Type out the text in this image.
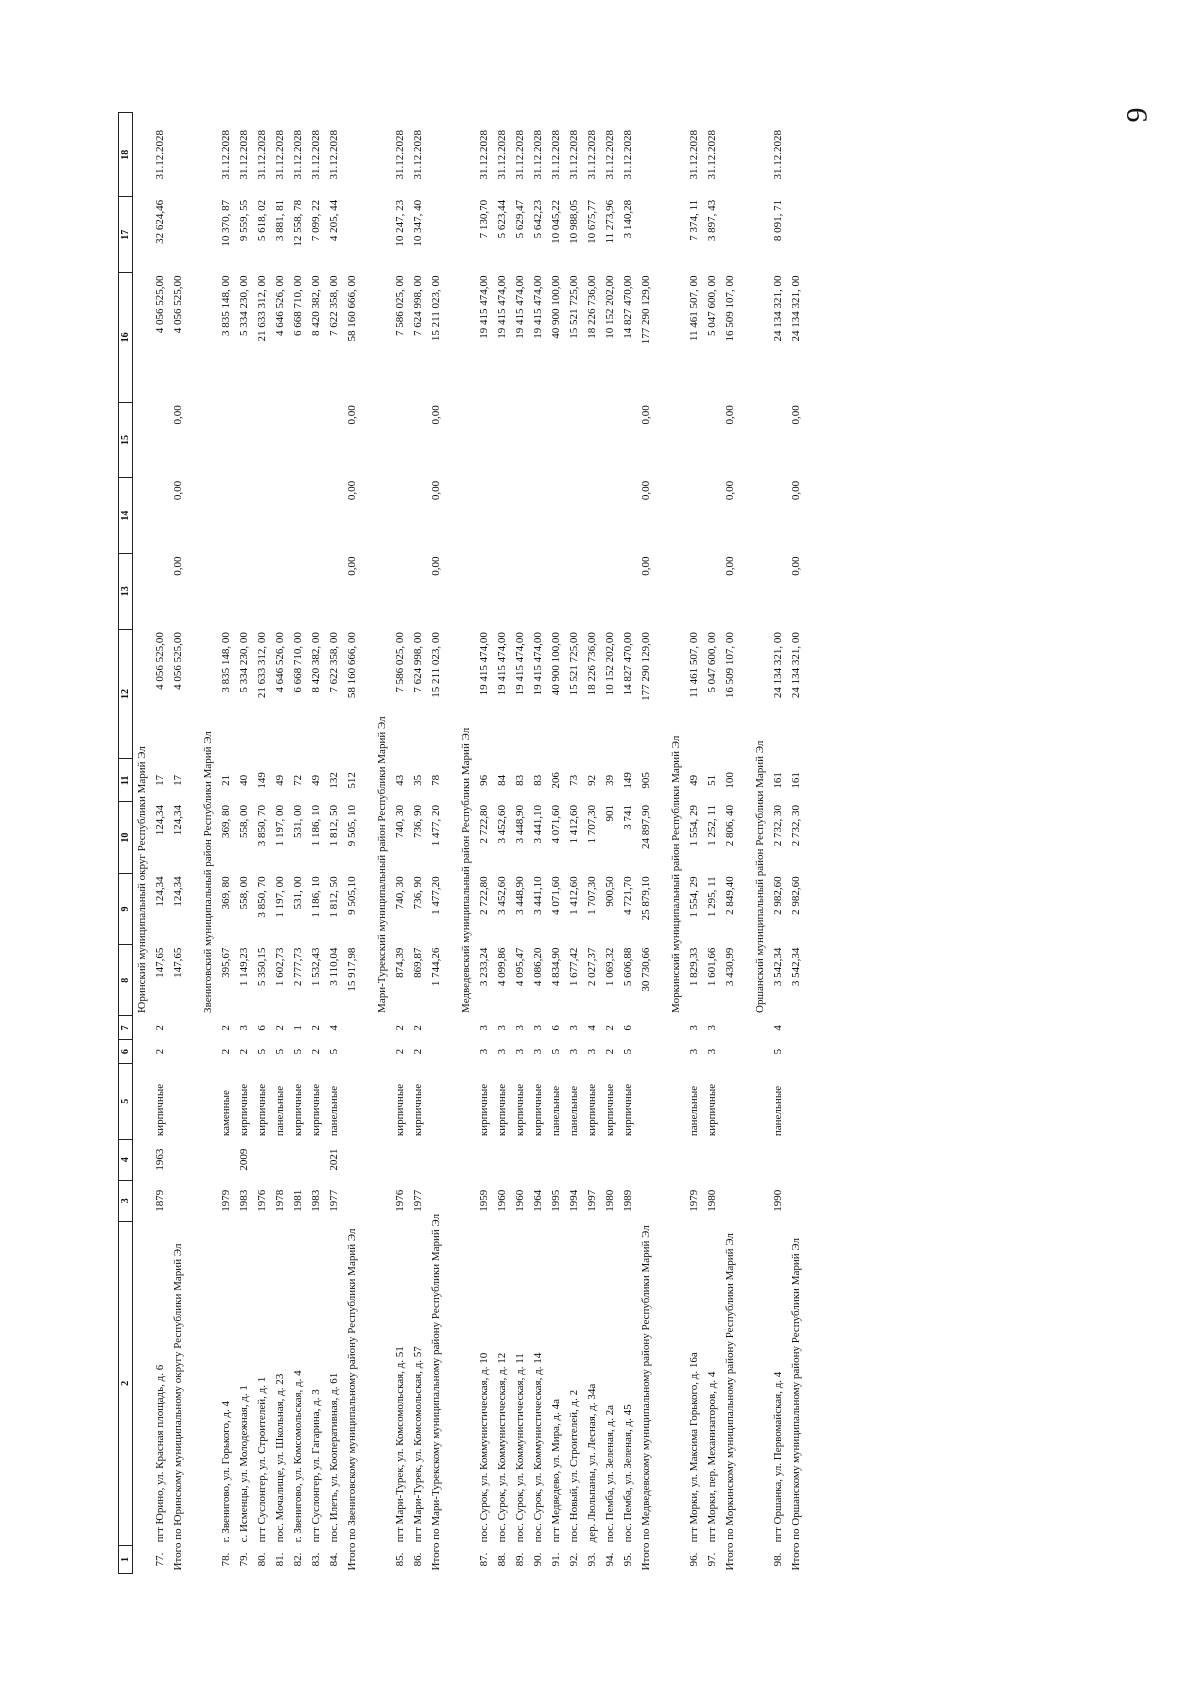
9
1	2	3	4	5	6	7	8	9	10	11	12	13	14	15	16	17	18
							Юринский муниципальный округ Республики Марий Эл										
77.	пгт Юрино, ул. Красная площадь, д. 6	1879	1963	кирпичные	2	2	147,65	124,34	124,34	17	4 056 525,00				4 056 525,00	32 624,46	31.12.2028
Итого по Юринскому муниципальному округу Республики Марий Эл							147,65	124,34	124,34	17	4 056 525,00	0,00	0,00	0,00	4 056 525,00		

							Звениговский муниципальный район Республики Марий Эл										
78.	г. Звенигово, ул. Горького, д. 4	1979		каменные	2	2	395,67	369, 80	369, 80	21	3 835 148, 00				3 835 148, 00	10 370, 87	31.12.2028
79.	с. Исменцы, ул. Молодежная, д. 1	1983	2009	кирпичные	2	3	1 149,23	558, 00	558, 00	40	5 334 230, 00				5 334 230, 00	9 559, 55	31.12.2028
80.	пгт Суслонгер, ул. Строителей, д. 1	1976		кирпичные	5	6	5 350,15	3 850, 70	3 850, 70	149	21 633 312, 00				21 633 312, 00	5 618, 02	31.12.2028
81.	пос. Мочалище, ул. Школьная, д. 23	1978		панельные	5	2	1 602,73	1 197, 00	1 197, 00	49	4 646 526, 00				4 646 526, 00	3 881, 81	31.12.2028
82.	г. Звенигово, ул. Комсомольская, д. 4	1981		кирпичные	5	1	2 777,73	531, 00	531, 00	72	6 668 710, 00				6 668 710, 00	12 558, 78	31.12.2028
83.	пгт Суслонгер, ул. Гагарина, д. 3	1983		кирпичные	2	2	1 532,43	1 186, 10	1 186, 10	49	8 420 382, 00				8 420 382, 00	7 099, 22	31.12.2028
84.	пос. Илеть, ул. Кооперативная, д. 61	1977	2021	панельные	5	4	3 110,04	1 812, 50	1 812, 50	132	7 622 358, 00				7 622 358, 00	4 205, 44	31.12.2028
Итого по Звениговскому муниципальному району Республики Марий Эл							15 917,98	9 505,10	9 505, 10	512	58 160 666, 00	0,00	0,00	0,00	58 160 666, 00		

							Мари-Турекский муниципальный район Республики Марий Эл										
85.	пгт Мари-Турек, ул. Комсомольская, д. 51	1976		кирпичные	2	2	874,39	740, 30	740, 30	43	7 586 025, 00				7 586 025, 00	10 247, 23	31.12.2028
86.	пгт Мари-Турек, ул. Комсомольская, д. 57	1977		кирпичные	2	2	869,87	736, 90	736, 90	35	7 624 998, 00				7 624 998, 00	10 347, 40	31.12.2028
Итого по Мари-Турекскому муниципальному району Республики Марий Эл							1 744,26	1 477,20	1 477, 20	78	15 211 023, 00	0,00	0,00	0,00	15 211 023, 00		

							Медведевский муниципальный район Республики Марий Эл										
87.	пос. Сурок, ул. Коммунистическая, д. 10	1959		кирпичные	3	3	3 233,24	2 722,80	2 722,80	96	19 415 474,00				19 415 474,00	7 130,70	31.12.2028
88.	пос. Сурок, ул. Коммунистическая, д. 12	1960		кирпичные	3	3	4 099,86	3 452,60	3 452,60	84	19 415 474,00				19 415 474,00	5 623,44	31.12.2028
89.	пос. Сурок, ул. Коммунистическая, д. 11	1960		кирпичные	3	3	4 095,47	3 448,90	3 448,90	83	19 415 474,00				19 415 474,00	5 629,47	31.12.2028
90.	пос. Сурок, ул. Коммунистическая, д. 14	1964		кирпичные	3	3	4 086,20	3 441,10	3 441,10	83	19 415 474,00				19 415 474,00	5 642,23	31.12.2028
91.	пгт Медведево, ул. Мира, д. 4а	1995		панельные	5	6	4 834,90	4 071,60	4 071,60	206	40 900 100,00				40 900 100,00	10 045,22	31.12.2028
92.	пос. Новый, ул. Строителей, д. 2	1994		панельные	3	3	1 677,42	1 412,60	1 412,60	73	15 521 725,00				15 521 725,00	10 988,05	31.12.2028
93.	дер. Люльпаны, ул. Лесная, д. 34а	1997		кирпичные	3	4	2 027,37	1 707,30	1 707,30	92	18 226 736,00				18 226 736,00	10 675,77	31.12.2028
94.	пос. Пемба, ул. Зеленая, д. 2а	1980		кирпичные	2	2	1 069,32	900,50	901	39	10 152 202,00				10 152 202,00	11 273,96	31.12.2028
95.	пос. Пемба, ул. Зеленая, д. 45	1989		кирпичные	5	6	5 606,88	4 721,70	3 741	149	14 827 470,00				14 827 470,00	3 140,28	31.12.2028
Итого по Медведевскому муниципальному району Республики Марий Эл							30 730,66	25 879,10	24 897,90	905	177 290 129,00	0,00	0,00	0,00	177 290 129,00		

							Моркинский муниципальный район Республики Марий Эл										
96.	пгт Морки, ул. Максима Горького, д. 16а	1979		панельные	3	3	1 829,33	1 554, 29	1 554, 29	49	11 461 507, 00				11 461 507, 00	7 374, 11	31.12.2028
97.	пгт Морки, пер. Механизаторов, д. 4	1980		кирпичные	3	3	1 601,66	1 295, 11	1 252, 11	51	5 047 600, 00				5 047 600, 00	3 897, 43	31.12.2028
Итого по Моркинскому муниципальному району Республики Марий Эл							3 430,99	2 849,40	2 806, 40	100	16 509 107, 00	0,00	0,00	0,00	16 509 107, 00		

							Оршанский муниципальный район Республики Марий Эл										
98.	пгт Оршанка, ул. Первомайская, д. 4	1990		панельные	5	4	3 542,34	2 982,60	2 732, 30	161	24 134 321, 00				24 134 321, 00	8 091, 71	31.12.2028
Итого по Оршанскому муниципальному району Республики Марий Эл							3 542,34	2 982,60	2 732, 30	161	24 134 321, 00	0,00	0,00	0,00	24 134 321, 00		
